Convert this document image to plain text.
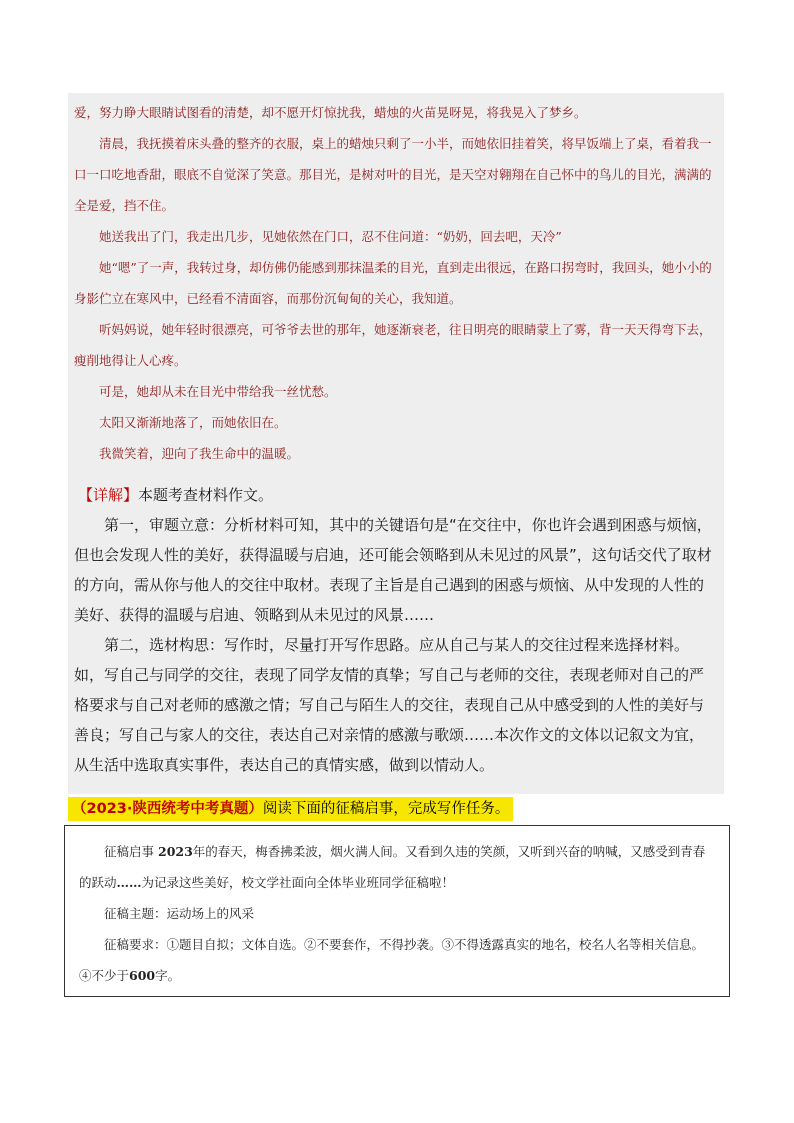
爱，努力睁大眼睛试图看的清楚，却不愿开灯惊扰我，蜡烛的火苗晃呀晃，将我晃入了梦乡。

清晨，我抚摸着床头叠的整齐的衣服，桌上的蜡烛只剩了一小半，而她依旧挂着笑，将早饭端上了桌，看着我一口一口吃地香甜，眼底不自觉深了笑意。那目光，是树对叶的目光，是天空对翱翔在自己怀中的鸟儿的目光，满满的全是爱，挡不住。

她送我出了门，我走出几步，见她依然在门口，忍不住问道：“奶奶，回去吧，天冷”

她“嗯”了一声，我转过身，却仿佛仍能感到那抹温柔的目光，直到走出很远，在路口拐弯时，我回头，她小小的身影伫立在寒风中，已经看不清面容，而那份沉甸甸的关心，我知道。

听妈妈说，她年轻时很漂亮，可爷爷去世的那年，她逐渐衰老，往日明亮的眼睛蒙上了雾，背一天天得弯下去，瘦削地得让人心疼。

可是，她却从未在目光中带给我一丝忧愁。

太阳又渐渐地落了，而她依旧在。

我微笑着，迎向了我生命中的温暖。

【详解】本题考查材料作文。

第一，审题立意：分析材料可知，其中的关键语句是“在交往中，你也许会遇到困惑与烦恼，但也会发现人性的美好，获得温暖与启迪，还可能会领略到从未见过的风景”，这句话交代了取材的方向，需从你与他人的交往中取材。表现了主旨是自己遇到的困惑与烦恼、从中发现的人性的美好、获得的温暖与启迪、领略到从未见过的风景……

第二，选材构思：写作时，尽量打开写作思路。应从自己与某人的交往过程来选择材料。如，写自己与同学的交往，表现了同学友情的真挚；写自己与老师的交往，表现老师对自己的严格要求与自己对老师的感激之情；写自己与陌生人的交往，表现自己从中感受到的人性的美好与善良；写自己与家人的交往，表达自己对亲情的感激与歌颂……本次作文的文体以记叙文为宜，从生活中选取真实事件，表达自己的真情实感，做到以情动人。

（2023·陕西统考中考真题）阅读下面的征稿启事，完成写作任务。

征稿启事 2023年的春天，梅香拂柔波，烟火满人间。又看到久违的笑颜，又听到兴奋的呐喊，又感受到青春的跃动……为记录这些美好，校文学社面向全体毕业班同学征稿啦！

征稿主题：运动场上的风采

征稿要求：①题目自拟；文体自选。②不要套作，不得抄袭。③不得透露真实的地名，校名人名等相关信息。④不少于600字。
